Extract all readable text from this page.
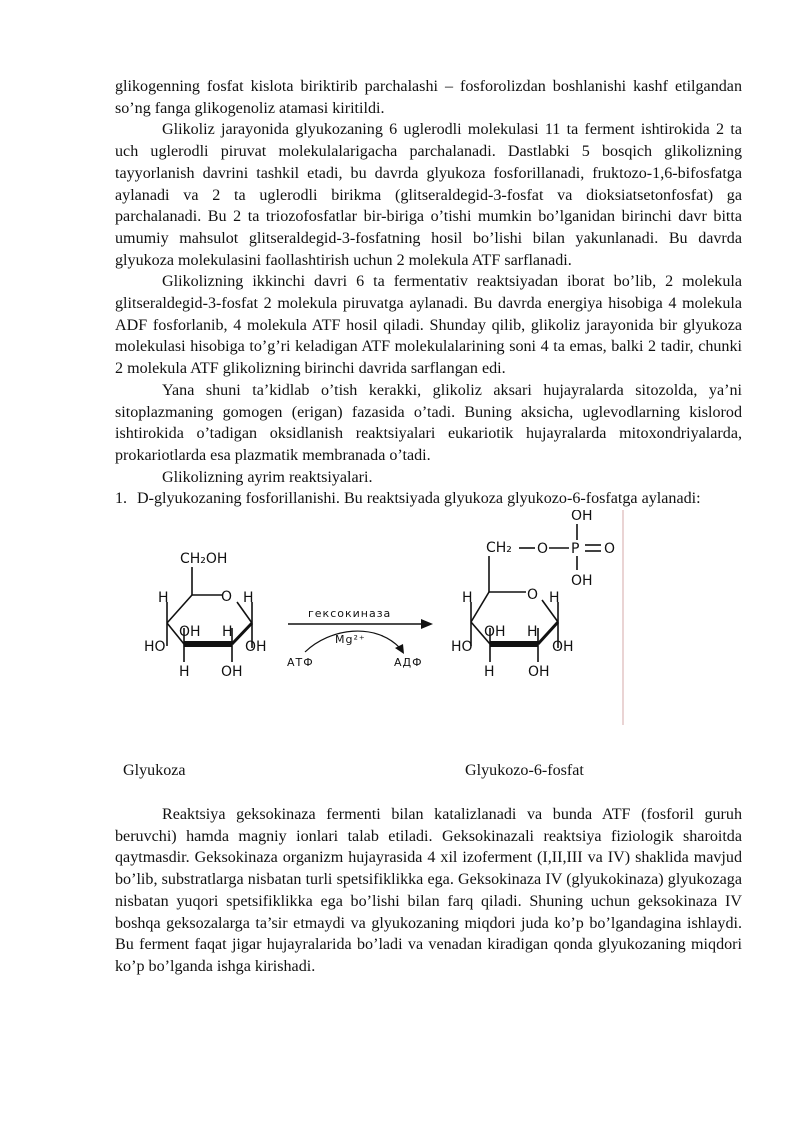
glikogenning fosfat kislota biriktirib parchalashi – fosforolizdan boshlanishi kashf etilgandan so’ng fanga glikogenoliz atamasi kiritildi.

Glikoliz jarayonida glyukozaning 6 uglerodli molekulasi 11 ta ferment ishtirokida 2 ta uch uglerodli piruvat molekulalarigacha parchalanadi. Dastlabki 5 bosqich glikolizning tayyorlanish davrini tashkil etadi, bu davrda glyukoza fosforillanadi, fruktozo-1,6-bifosfatga aylanadi va 2 ta uglerodli birikma (glitseraldegid-3-fosfat va dioksiatsetonfosfat) ga parchalanadi. Bu 2 ta triozofosfatlar bir-biriga o’tishi mumkin bo’lganidan birinchi davr bitta umumiy mahsulot glitseraldegid-3-fosfatning hosil bo’lishi bilan yakunlanadi. Bu davrda glyukoza molekulasini faollashtirish uchun 2 molekula ATF sarflanadi.

Glikolizning ikkinchi davri 6 ta fermentativ reaktsiyadan iborat bo’lib, 2 molekula glitseraldegid-3-fosfat 2 molekula piruvatga aylanadi. Bu davrda energiya hisobiga 4 molekula ADF fosforlanib, 4 molekula ATF hosil qiladi. Shunday qilib, glikoliz jarayonida bir glyukoza molekulasi hisobiga to’g’ri keladigan ATF molekulalarining soni 4 ta emas, balki 2 tadir, chunki 2 molekula ATF glikolizning birinchi davrida sarflangan edi.

Yana shuni ta’kidlab o’tish kerakki, glikoliz aksari hujayralarda sitozolda, ya’ni sitoplazmaning gomogen (erigan) fazasida o’tadi. Buning aksicha, uglevodlarning kislorod ishtirokida o’tadigan oksidlanish reaktsiyalari eukariotik hujayralarda mitoxondriyalarda, prokariotlarda esa plazmatik membranada o’tadi.

Glikolizning ayrim reaktsiyalari.

1. D-glyukozaning fosforillanishi. Bu reaktsiyada glyukoza glyukozo-6-fosfatga aylanadi:
CH₂OH
H	O H
OH H
HO	OH
H OH
гексокиназа
Mg²⁺
АТФ	АДФ
CH₂ O P O
OH
OH
H	O H
OH H
HO	OH
H OH
Glyukoza	Glyukozo-6-fosfat

Reaktsiya geksokinaza fermenti bilan katalizlanadi va bunda ATF (fosforil guruh beruvchi) hamda magniy ionlari talab etiladi. Geksokinazali reaktsiya fiziologik sharoitda qaytmasdir. Geksokinaza organizm hujayrasida 4 xil izoferment (I,II,III va IV) shaklida mavjud bo’lib, substratlarga nisbatan turli spetsifiklikka ega. Geksokinaza IV (glyukokinaza) glyukozaga nisbatan yuqori spetsifiklikka ega bo’lishi bilan farq qiladi. Shuning uchun geksokinaza IV boshqa geksozalarga ta’sir etmaydi va glyukozaning miqdori juda ko’p bo’lgandagina ishlaydi. Bu ferment faqat jigar hujayralarida bo’ladi va venadan kiradigan qonda glyukozaning miqdori ko’p bo’lganda ishga kirishadi.
